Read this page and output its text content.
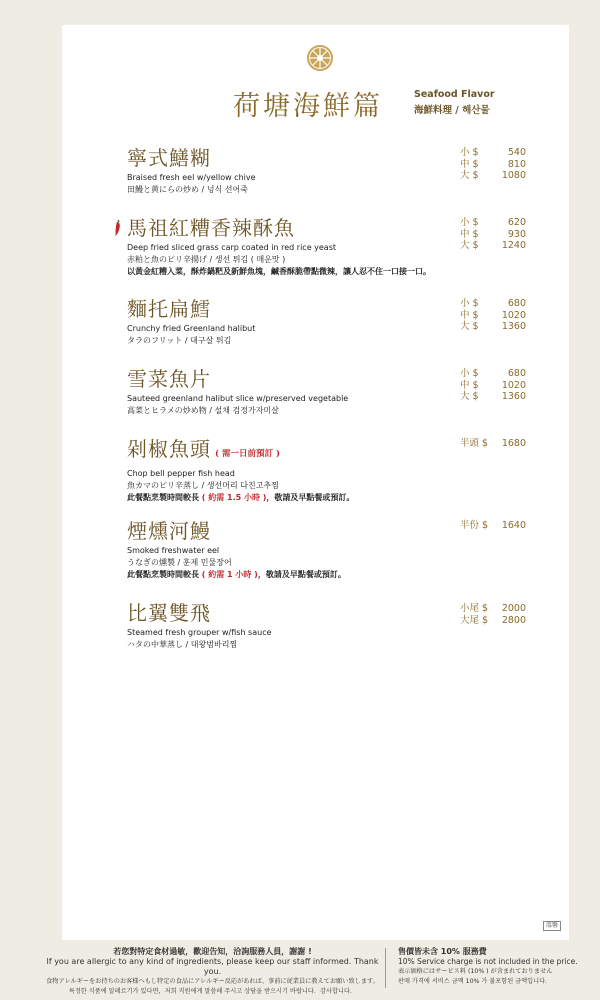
荷塘海鮮篇	Seafood Flavor
海鮮料理 / 해산물
寧式鱔糊
Braised fresh eel w/yellow chive
田鰻と黄にらの炒め / 넝식 선어죽
小 $	540
中 $	810
大 $ 1080
馬祖紅糟香辣酥魚
Deep fried sliced grass carp coated in red rice yeast
赤粕と魚のピリ辛揚げ / 생선 튀김 ( 매운맛 )
以黃金紅糟入菜，酥炸鍋粑及新鮮魚塊，鹹香酥脆帶點微辣，讓人忍不住一口接一口。
小 $	620
中 $	930
大 $ 1240
麵托扁鱈
Crunchy fried Greenland halibut
タラのフリット / 대구살 튀김
小 $	680
中 $ 1020
大 $ 1360
雪菜魚片
Sauteed greenland halibut slice w/preserved vegetable
高菜とヒラメの炒め物 / 설채 검정가자미살
小 $	680
中 $ 1020
大 $ 1360
剁椒魚頭 ( 需一日前預訂 )
Chop bell pepper fish head
魚カマのピリ辛蒸し / 생선머리 다진고추찜
此餐點烹製時間較長 ( 約需 1.5 小時 )，敬請及早點餐或預訂。
半頭 $ 1680
煙燻河鰻
Smoked freshwater eel
うなぎの燻製 / 훈제 민물장어
此餐點烹製時間較長 ( 約需 1 小時 )，敬請及早點餐或預訂。
半份 $ 1640
比翼雙飛
Steamed fresh grouper w/fish sauce
ハタの中華蒸し / 대왕범바리찜
小尾 $ 2000
大尾 $ 2800
溫馨
若您對特定食材過敏，歡迎告知，洽詢服務人員，謝謝 !
If you are allergic to any kind of ingredients, please keep our staff informed. Thank you.
食物アレルギーをお持ちのお客様へもし特定の食品にアレルギー反応があれば、事前に従業員に教えてお願い致します。
특정한 식품에 알레르기가 있다면，저희 직원에게 말씀해 주시고 상담을 받으시기 바랍니다．감사합니다．
售價皆未含 10% 服務費
10% Service charge is not included in the price.
表示価格にはサービス料 (10% ) が含まれておりません
판매 가격에 서비스 금액 10% 가 불포함된 금액입니다．
